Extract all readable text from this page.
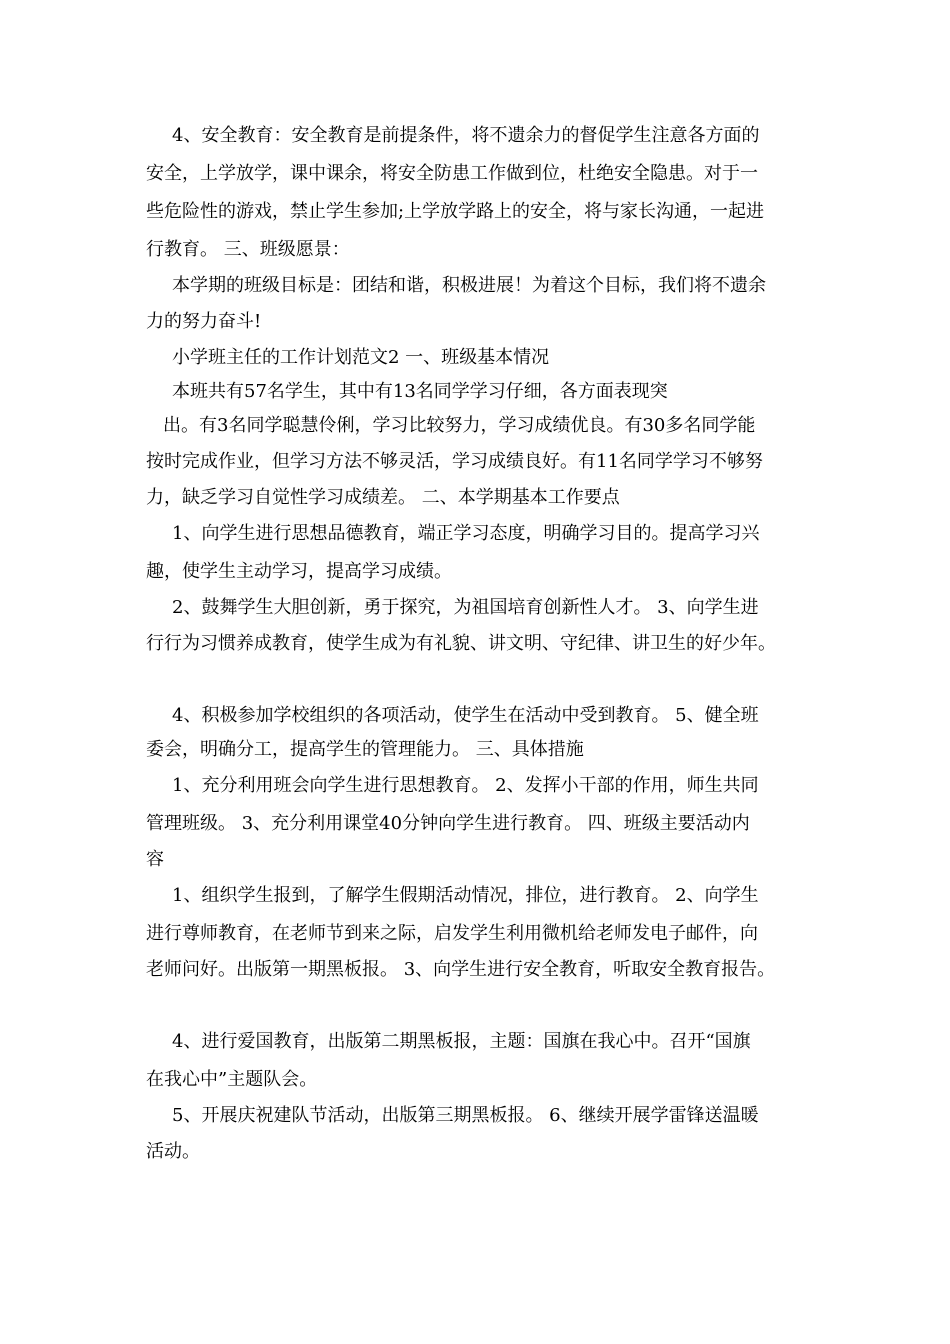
4、安全教育：安全教育是前提条件，将不遗余力的督促学生注意各方面的
安全，上学放学，课中课余，将安全防患工作做到位，杜绝安全隐患。对于一
些危险性的游戏，禁止学生参加;上学放学路上的安全，将与家长沟通，一起进
行教育。 三、班级愿景：
本学期的班级目标是：团结和谐，积极进展！为着这个目标，我们将不遗余
力的努力奋斗!
小学班主任的工作计划范文2 一、班级基本情况
本班共有57名学生，其中有13名同学学习仔细，各方面表现突
出。有3名同学聪慧伶俐，学习比较努力，学习成绩优良。有30多名同学能
按时完成作业，但学习方法不够灵活，学习成绩良好。有11名同学学习不够努
力，缺乏学习自觉性学习成绩差。 二、本学期基本工作要点
1、向学生进行思想品德教育，端正学习态度，明确学习目的。提高学习兴
趣，使学生主动学习，提高学习成绩。
2、鼓舞学生大胆创新，勇于探究，为祖国培育创新性人才。 3、向学生进
行行为习惯养成教育，使学生成为有礼貌、讲文明、守纪律、讲卫生的好少年。
4、积极参加学校组织的各项活动，使学生在活动中受到教育。 5、健全班
委会，明确分工，提高学生的管理能力。 三、具体措施
1、充分利用班会向学生进行思想教育。 2、发挥小干部的作用，师生共同
管理班级。 3、充分利用课堂40分钟向学生进行教育。 四、班级主要活动内
容
1、组织学生报到，了解学生假期活动情况，排位，进行教育。 2、向学生
进行尊师教育，在老师节到来之际，启发学生利用微机给老师发电子邮件，向
老师问好。出版第一期黑板报。 3、向学生进行安全教育，听取安全教育报告。
4、进行爱国教育，出版第二期黑板报，主题：国旗在我心中。召开“国旗
在我心中”主题队会。
5、开展庆祝建队节活动，出版第三期黑板报。 6、继续开展学雷锋送温暖
活动。
